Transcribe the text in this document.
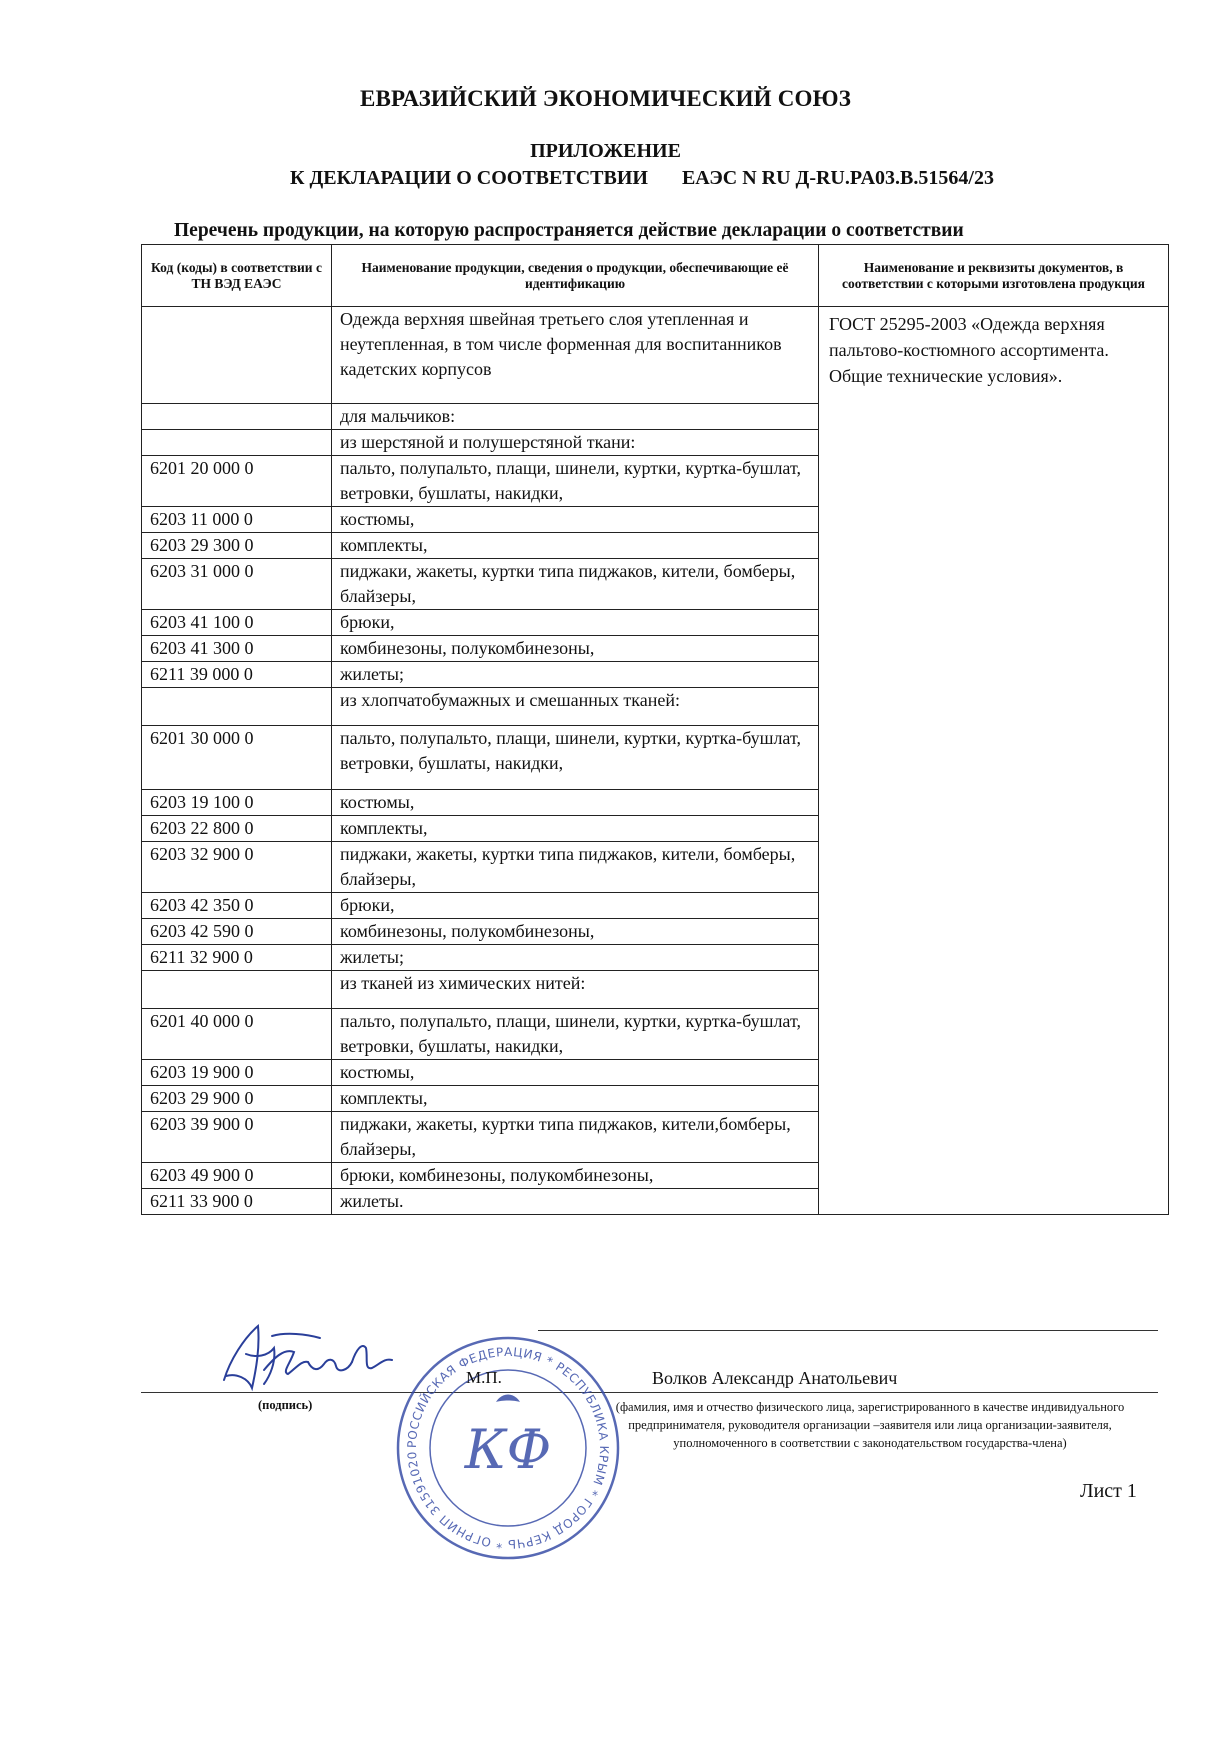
ЕВРАЗИЙСКИЙ ЭКОНОМИЧЕСКИЙ СОЮЗ
ПРИЛОЖЕНИЕ
К ДЕКЛАРАЦИИ О СООТВЕТСТВИИ ЕАЭС N RU Д-RU.PA03.B.51564/23
Перечень продукции, на которую распространяется действие декларации о соответствии
Код (коды) в соответствии с ТН ВЭД ЕАЭС	Наименование продукции, сведения о продукции, обеспечивающие её идентификацию	Наименование и реквизиты документов, в соответствии с которыми изготовлена продукция
	Одежда верхняя швейная третьего слоя утепленная и неутепленная, в том числе форменная для воспитанников кадетских корпусов	ГОСТ 25295-2003 «Одежда верхняя пальтово-костюмного ассортимента. Общие технические условия».
	для мальчиков:	
	из шерстяной и полушерстяной ткани:	
6201 20 000 0	пальто, полупальто, плащи, шинели, куртки, куртка-бушлат, ветровки, бушлаты, накидки,	
6203 11 000 0	костюмы,	
6203 29 300 0	комплекты,	
6203 31 000 0	пиджаки, жакеты, куртки типа пиджаков, кители, бомберы, блайзеры,	
6203 41 100 0	брюки,	
6203 41 300 0	комбинезоны, полукомбинезоны,	
6211 39 000 0	жилеты;	
	из хлопчатобумажных и смешанных тканей:	
6201 30 000 0	пальто, полупальто, плащи, шинели, куртки, куртка-бушлат, ветровки, бушлаты, накидки,	
6203 19 100 0	костюмы,	
6203 22 800 0	комплекты,	
6203 32 900 0	пиджаки, жакеты, куртки типа пиджаков, кители, бомберы, блайзеры,	
6203 42 350 0	брюки,	
6203 42 590 0	комбинезоны, полукомбинезоны,	
6211 32 900 0	жилеты;	
	из тканей из химических нитей:	
6201 40 000 0	пальто, полупальто, плащи, шинели, куртки, куртка-бушлат, ветровки, бушлаты, накидки,	
6203 19 900 0	костюмы,	
6203 29 900 0	комплекты,	
6203 39 900 0	пиджаки, жакеты, куртки типа пиджаков, кители,бомберы, блайзеры,	
6203 49 900 0	брюки, комбинезоны, полукомбинезоны,	
6211 33 900 0	жилеты.	
РОССИЙСКАЯ ФЕДЕРАЦИЯ * РЕСПУБЛИКА КРЫМ * ГОРОД КЕРЧЬ * ОГРНИП 31591020 КФ
М.П.	Волков Александр Анатольевич
(подпись)	(фамилия, имя и отчество физического лица, зарегистрированного в качестве индивидуального предпринимателя, руководителя организации –заявителя или лица организации-заявителя, уполномоченного в соответствии с законодательством государства-члена)
Лист 1
